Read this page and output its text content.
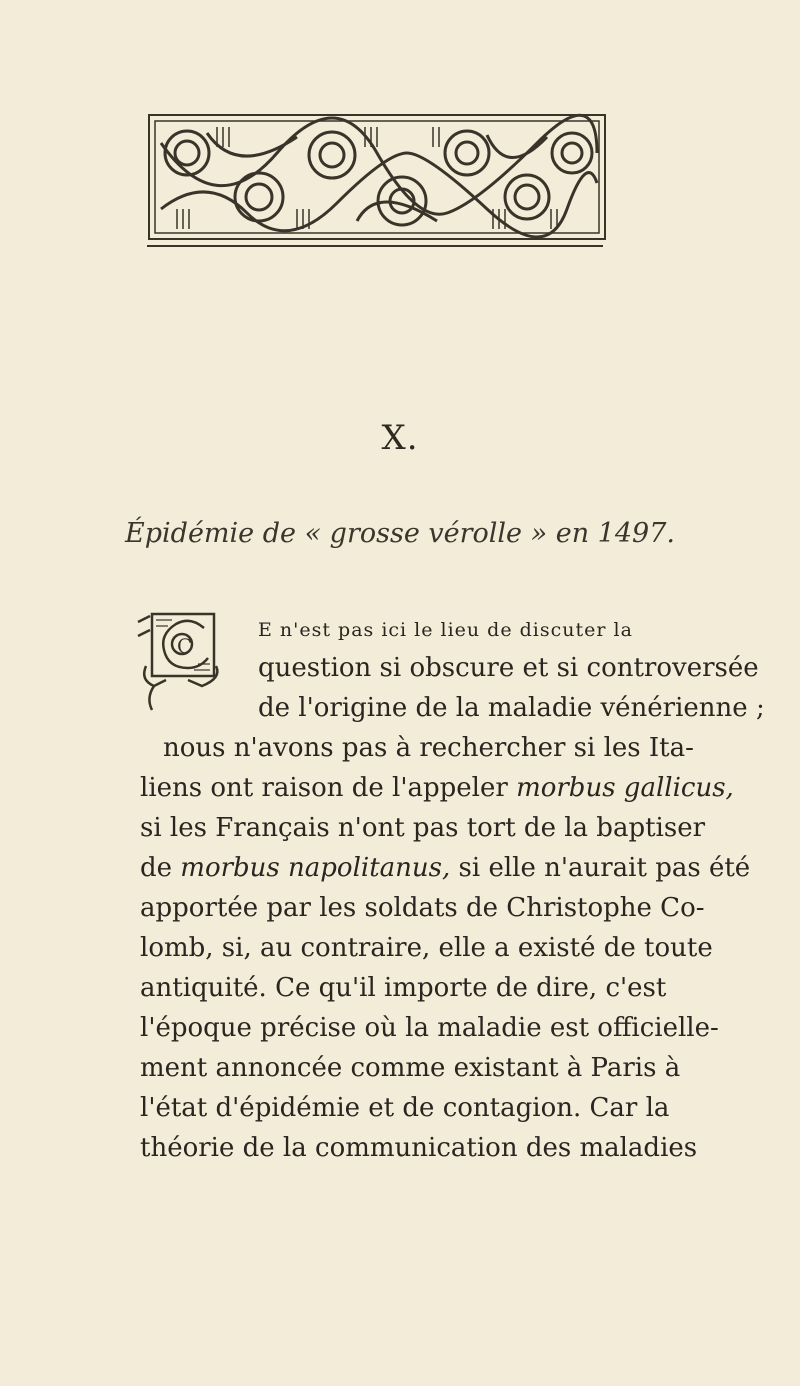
X.
Épidémie de « grosse vérolle » en 1497.
C
E n'est pas ici le lieu de discuter la
question si obscure et si controversée
de l'origine de la maladie vénérienne ;
nous n'avons pas à rechercher si les Ita-
liens ont raison de l'appeler morbus gallicus,
si les Français n'ont pas tort de la baptiser
de morbus napolitanus, si elle n'aurait pas été
apportée par les soldats de Christophe Co-
lomb, si, au contraire, elle a existé de toute
antiquité. Ce qu'il importe de dire, c'est
l'époque précise où la maladie est officielle-
ment annoncée comme existant à Paris à
l'état d'épidémie et de contagion. Car la
théorie de la communication des maladies
